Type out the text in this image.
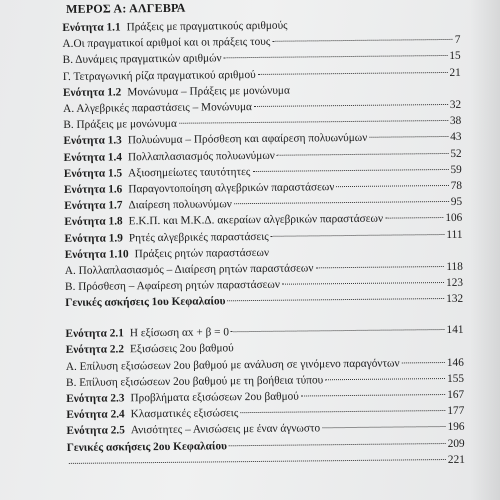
ΜΕΡΟΣ Α: ΑΛΓΕΒΡΑ
Ενότητα 1.1 Πράξεις με πραγματικούς αριθμούς
Α.Οι πραγματικοί αριθμοί και οι πράξεις τους	7
Β. Δυνάμεις πραγματικών αριθμών	15
Γ. Τετραγωνική ρίζα πραγματικού αριθμού	21
Ενότητα 1.2 Μονώνυμα – Πράξεις με μονώνυμα
Α. Αλγεβρικές παραστάσεις – Μονώνυμα	32
Β. Πράξεις με μονώνυμα	38
Ενότητα 1.3 Πολυώνυμα – Πρόσθεση και αφαίρεση πολυωνύμων	43
Ενότητα 1.4 Πολλαπλασιασμός πολυωνύμων	52
Ενότητα 1.5 Αξιοσημείωτες ταυτότητες	59
Ενότητα 1.6 Παραγοντοποίηση αλγεβρικών παραστάσεων	78
Ενότητα 1.7 Διαίρεση πολυωνύμων	95
Ενότητα 1.8 Ε.Κ.Π. και Μ.Κ.Δ. ακεραίων αλγεβρικών παραστάσεων	106
Ενότητα 1.9 Ρητές αλγεβρικές παραστάσεις	111
Ενότητα 1.10 Πράξεις ρητών παραστάσεων
Α. Πολλαπλασιασμός – Διαίρεση ρητών παραστάσεων	118
Β. Πρόσθεση – Αφαίρεση ρητών παραστάσεων	123
Γενικές ασκήσεις 1ου Κεφαλαίου	132
Ενότητα 2.1 Η εξίσωση αx + β = 0	141
Ενότητα 2.2 Εξισώσεις 2ου βαθμού
Α. Επίλυση εξισώσεων 2ου βαθμού με ανάλυση σε γινόμενο παραγόντων	146
Β. Επίλυση εξισώσεων 2ου βαθμού με τη βοήθεια τύπου	155
Ενότητα 2.3 Προβλήματα εξισώσεων 2ου βαθμού	167
Ενότητα 2.4 Κλασματικές εξισώσεις	177
Ενότητα 2.5 Ανισότητες – Ανισώσεις με έναν άγνωστο	196
Γενικές ασκήσεις 2ου Κεφαλαίου	209
221
